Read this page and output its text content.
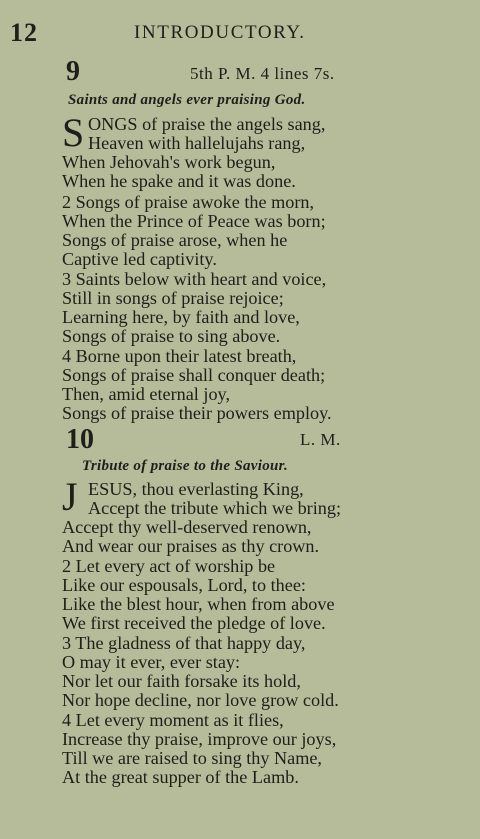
12	INTRODUCTORY.
9	5th P. M. 4 lines 7s.
Saints and angels ever praising God.
S ONGS of praise the angels sang,
Heaven with hallelujahs rang,
When Jehovah's work begun,
When he spake and it was done.
2 Songs of praise awoke the morn,
When the Prince of Peace was born;
Songs of praise arose, when he
Captive led captivity.
3 Saints below with heart and voice,
Still in songs of praise rejoice;
Learning here, by faith and love,
Songs of praise to sing above.
4 Borne upon their latest breath,
Songs of praise shall conquer death;
Then, amid eternal joy,
Songs of praise their powers employ.
10	L. M.
Tribute of praise to the Saviour.
J ESUS, thou everlasting King,
Accept the tribute which we bring;
Accept thy well-deserved renown,
And wear our praises as thy crown.
2 Let every act of worship be
Like our espousals, Lord, to thee:
Like the blest hour, when from above
We first received the pledge of love.
3 The gladness of that happy day,
O may it ever, ever stay:
Nor let our faith forsake its hold,
Nor hope decline, nor love grow cold.
4 Let every moment as it flies,
Increase thy praise, improve our joys,
Till we are raised to sing thy Name,
At the great supper of the Lamb.
